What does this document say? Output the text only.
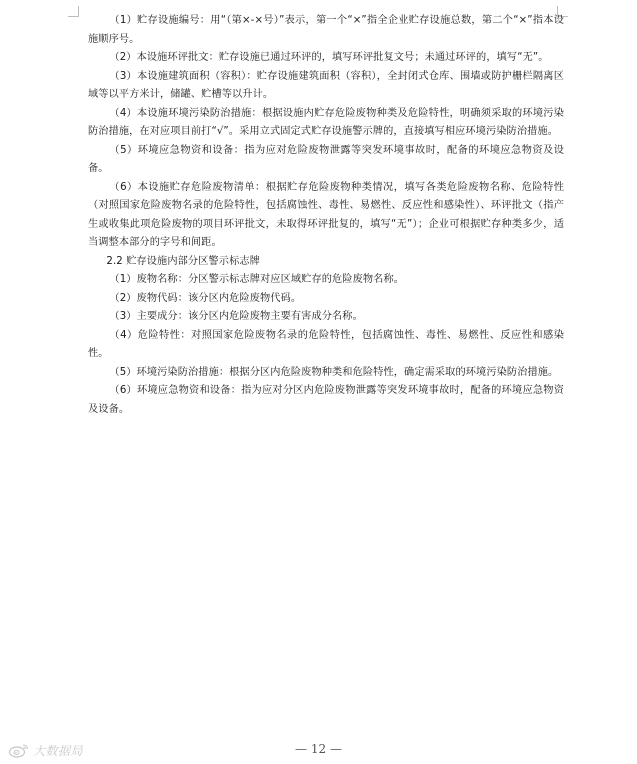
（1）贮存设施编号：用“（第×-×号）”表示，第一个“×”指全企业贮存设施总数，第二个“×”指本设施顺序号。

（2）本设施环评批文：贮存设施已通过环评的，填写环评批复文号；未通过环评的，填写“无”。

（3）本设施建筑面积（容积）：贮存设施建筑面积（容积），全封闭式仓库、围墙或防护栅栏隔离区域等以平方米计，储罐、贮槽等以升计。

（4）本设施环境污染防治措施：根据设施内贮存危险废物种类及危险特性，明确须采取的环境污染防治措施，在对应项目前打“√”。采用立式固定式贮存设施警示牌的，直接填写相应环境污染防治措施。

（5）环境应急物资和设备：指为应对危险废物泄露等突发环境事故时，配备的环境应急物资及设备。

（6）本设施贮存危险废物清单：根据贮存危险废物种类情况，填写各类危险废物名称、危险特性（对照国家危险废物名录的危险特性，包括腐蚀性、毒性、易燃性、反应性和感染性）、环评批文（指产生或收集此项危险废物的项目环评批文，未取得环评批复的，填写“无”）；企业可根据贮存种类多少，适当调整本部分的字号和间距。

2.2 贮存设施内部分区警示标志牌

（1）废物名称：分区警示标志牌对应区域贮存的危险废物名称。

（2）废物代码：该分区内危险废物代码。

（3）主要成分：该分区内危险废物主要有害成分名称。

（4）危险特性：对照国家危险废物名录的危险特性，包括腐蚀性、毒性、易燃性、反应性和感染性。

（5）环境污染防治措施：根据分区内危险废物种类和危险特性，确定需采取的环境污染防治措施。

（6）环境应急物资和设备：指为应对分区内危险废物泄露等突发环境事故时，配备的环境应急物资及设备。

— 12 —
大数据局
